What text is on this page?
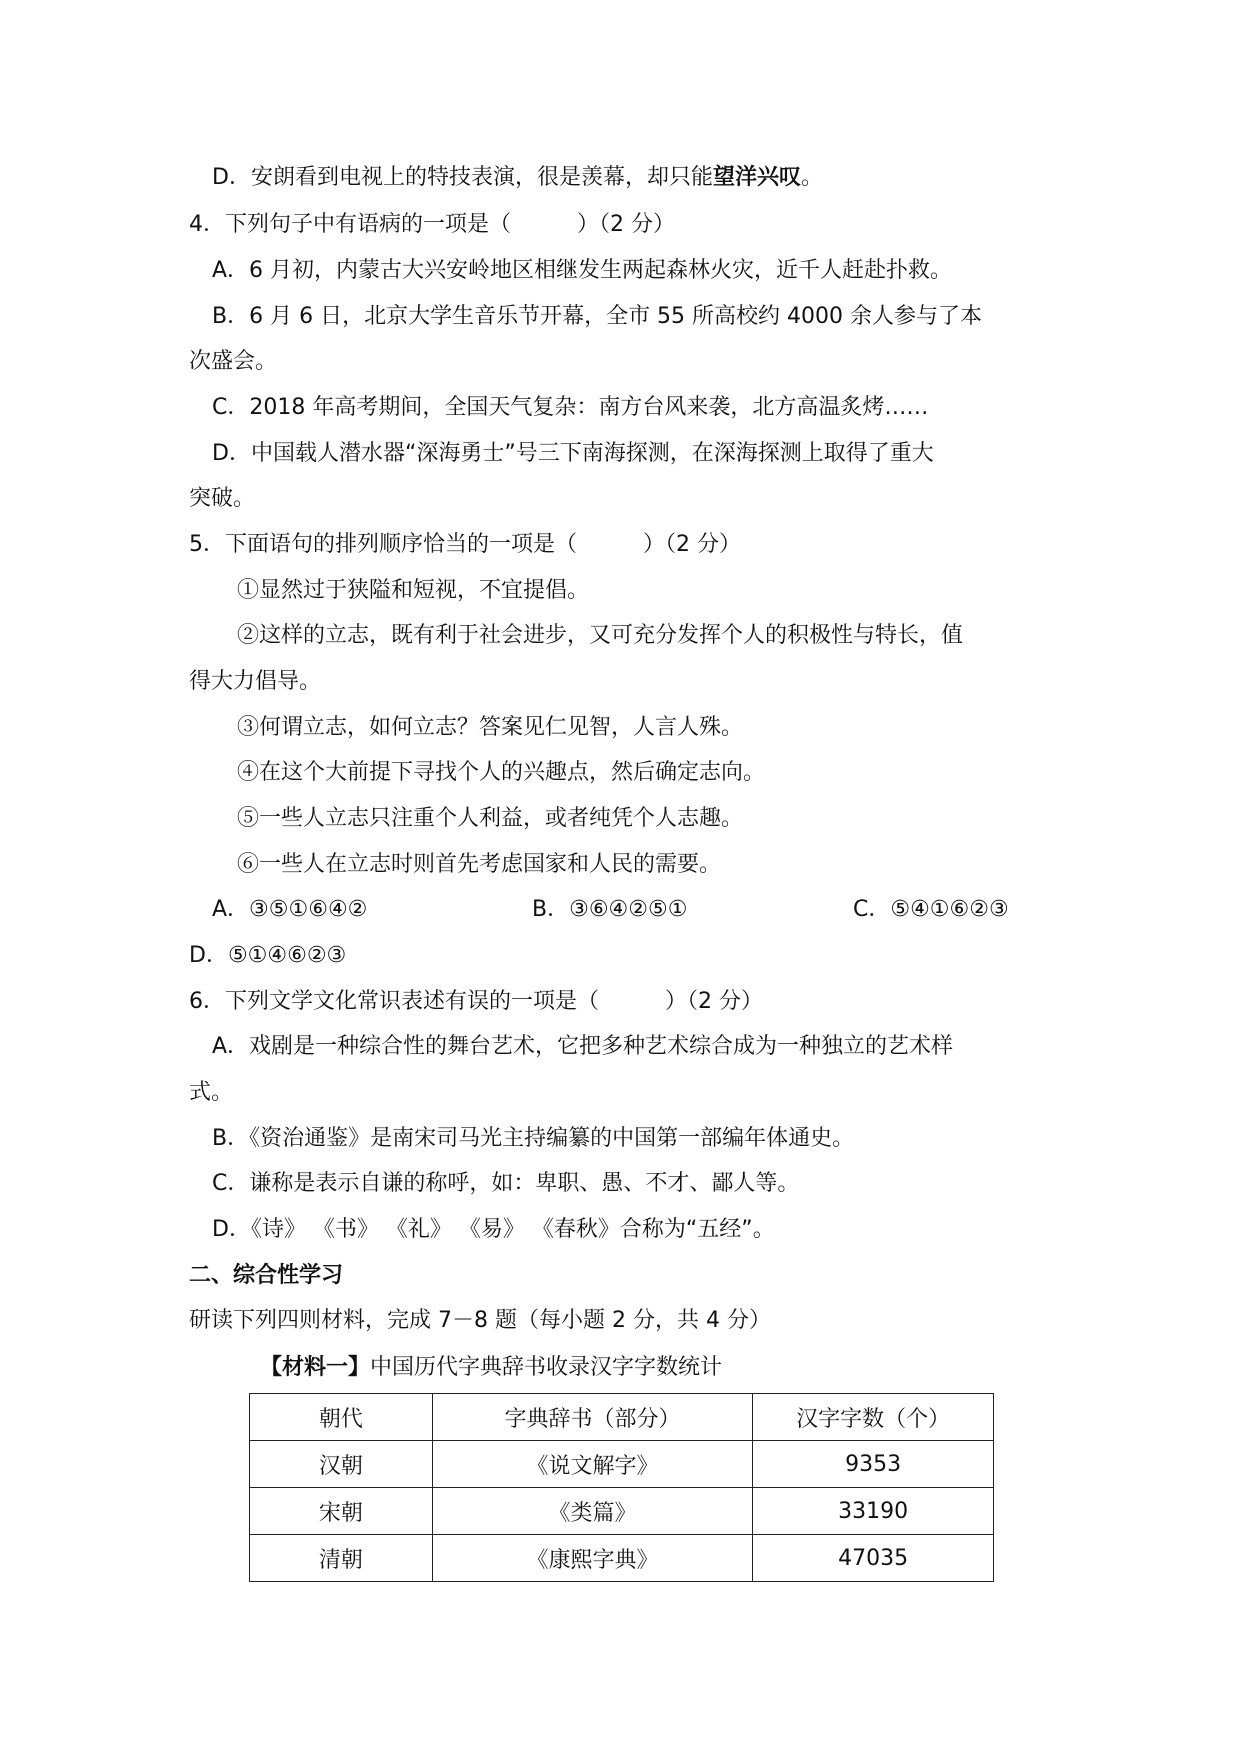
D．安朗看到电视上的特技表演，很是羡幕，却只能望洋兴叹。
4．下列句子中有语病的一项是（　　　）（2 分）
A．6 月初，内蒙古大兴安岭地区相继发生两起森林火灾，近千人赶赴扑救。
B．6 月 6 日，北京大学生音乐节开幕，全市 55 所高校约 4000 余人参与了本
次盛会。
C．2018 年高考期间，全国天气复杂：南方台风来袭，北方高温炙烤……
D．中国载人潜水器“深海勇士”号三下南海探测，在深海探测上取得了重大
突破。
5．下面语句的排列顺序恰当的一项是（　　　）（2 分）
①显然过于狭隘和短视，不宜提倡。
②这样的立志，既有利于社会进步，又可充分发挥个人的积极性与特长，值
得大力倡导。
③何谓立志，如何立志？答案见仁见智，人言人殊。
④在这个大前提下寻找个人的兴趣点，然后确定志向。
⑤一些人立志只注重个人利益，或者纯凭个人志趣。
⑥一些人在立志时则首先考虑国家和人民的需要。
A．③⑤①⑥④②	B．③⑥④②⑤①	C．⑤④①⑥②③
D．⑤①④⑥②③
6．下列文学文化常识表述有误的一项是（　　　）（2 分）
A．戏剧是一种综合性的舞台艺术，它把多种艺术综合成为一种独立的艺术样
式。
B．《资治通鉴》是南宋司马光主持编纂的中国第一部编年体通史。
C．谦称是表示自谦的称呼，如：卑职、愚、不才、鄙人等。
D．《诗》 《书》 《礼》 《易》 《春秋》合称为“五经”。
二、综合性学习
研读下列四则材料，完成 7－8 题（每小题 2 分，共 4 分）
【材料一】中国历代字典辞书收录汉字字数统计
朝代	字典辞书（部分）	汉字字数（个）
汉朝	《说文解字》	9353
宋朝	《类篇》	33190
清朝	《康熙字典》	47035
